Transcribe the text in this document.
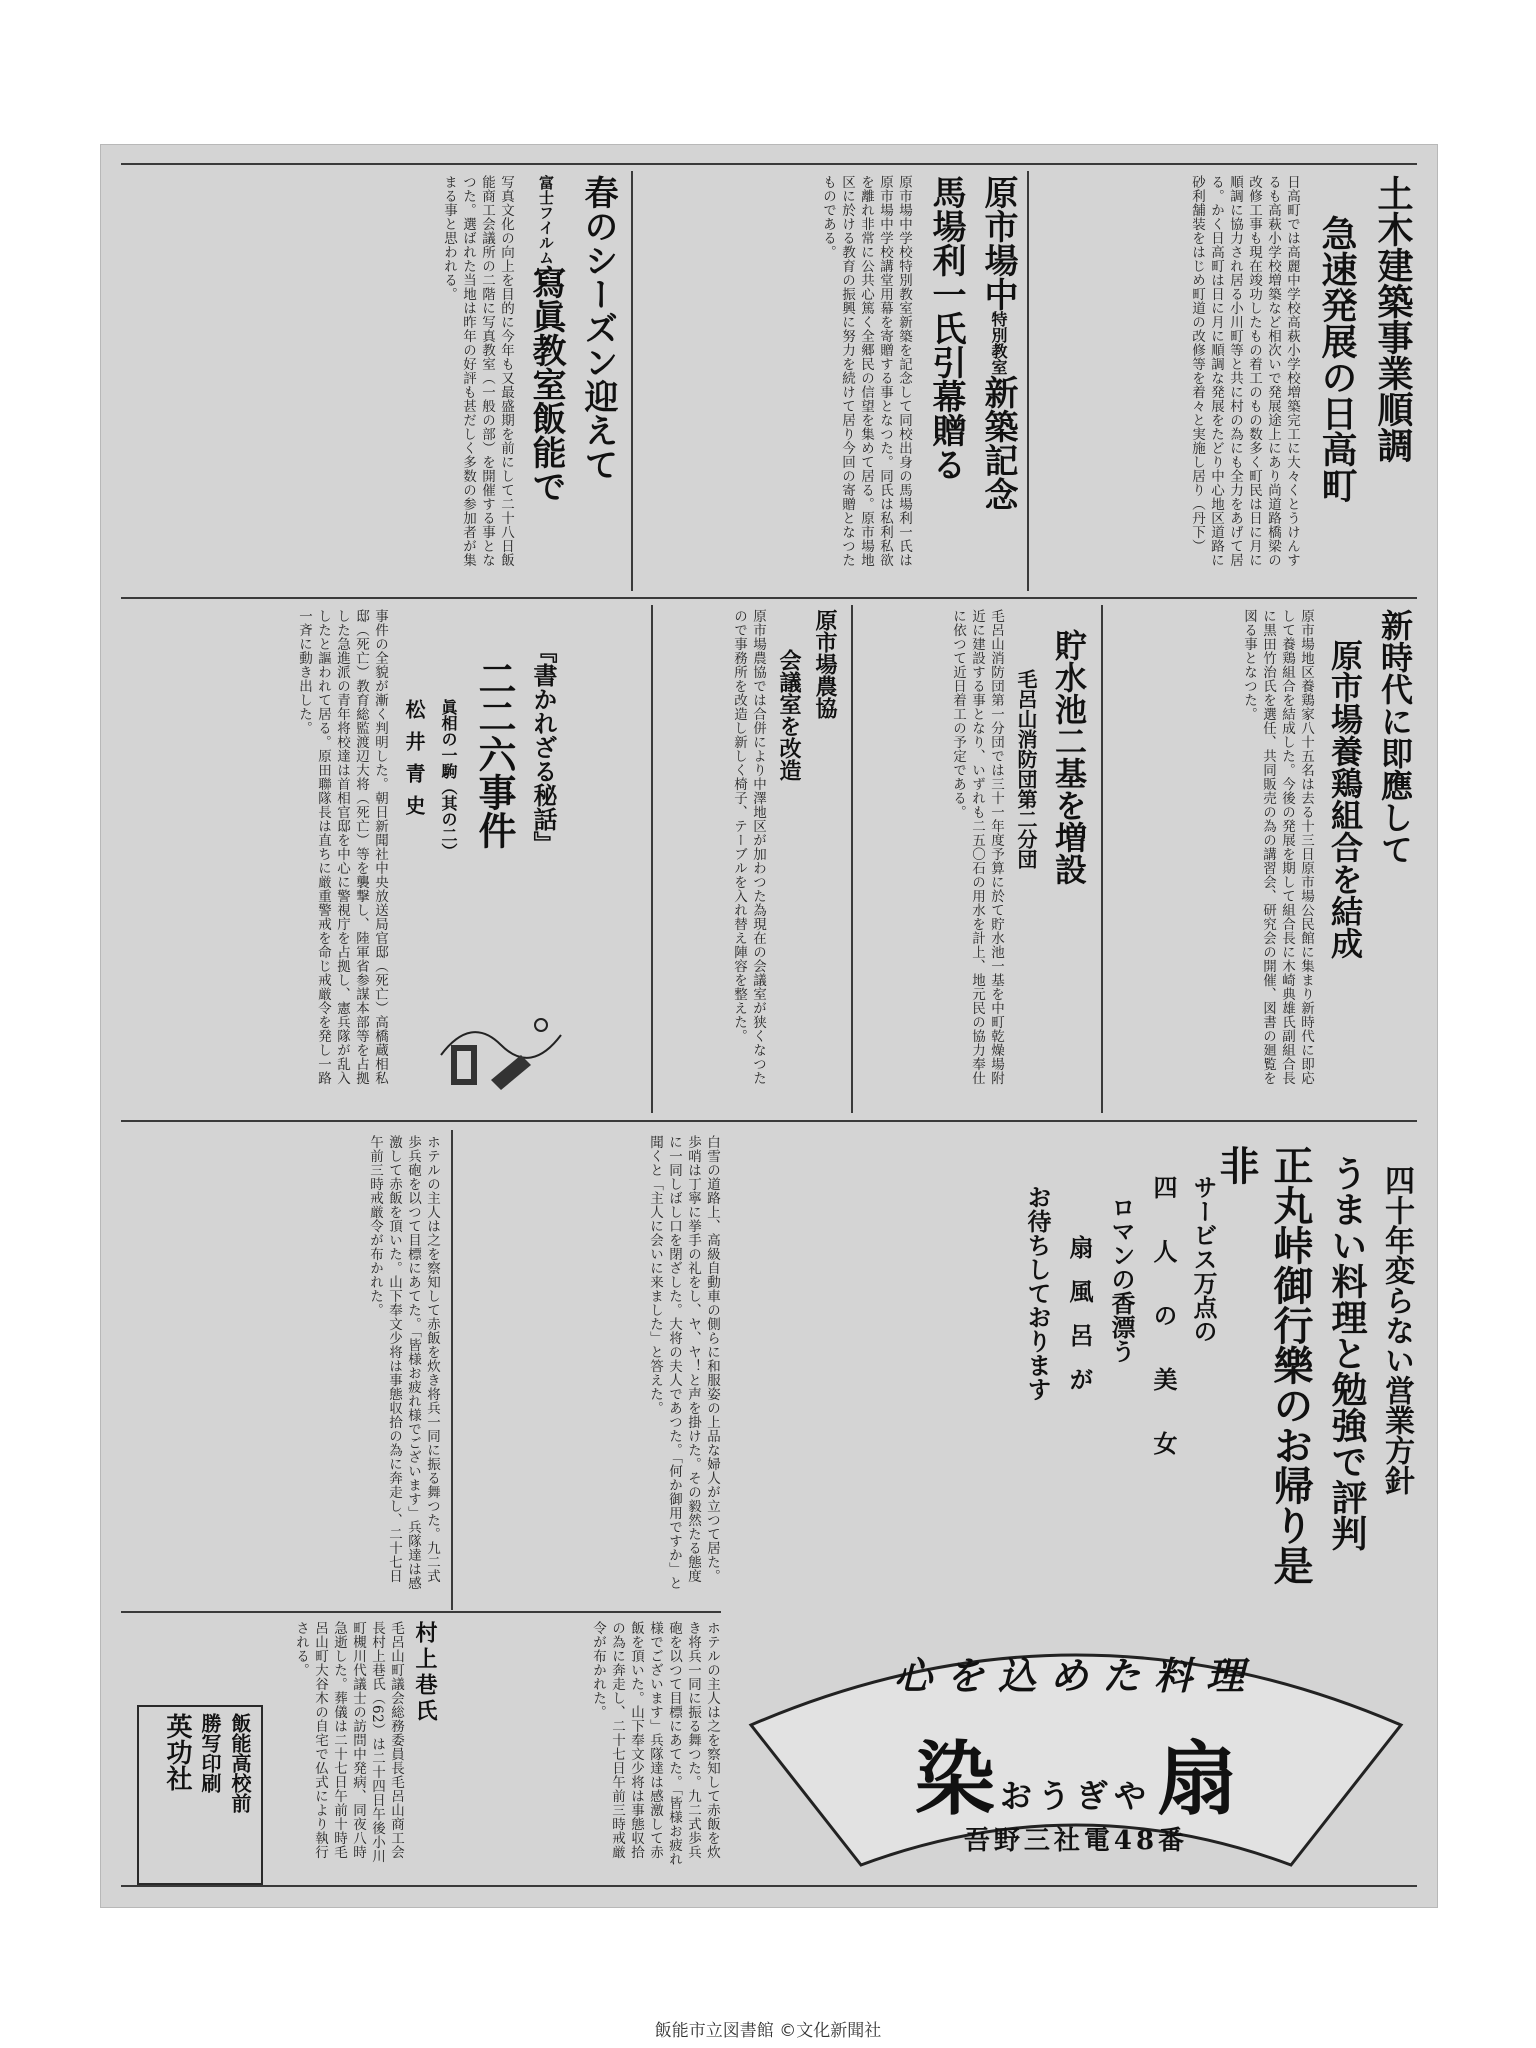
土木建築事業順調
急速発展の日高町
日高町では高麗中学校高萩小学校増築完工に大々くとうけんするも高萩小学校増築など相次いで発展途上にあり尚道路橋梁の改修工事も現在竣功したもの着工のもの数多く町民は日に月に順調に協力され居る小川町等と共に村の為にも全力をあげて居る。かく日高町は日に月に順調な発展をたどり中心地区道路に砂利舗装をはじめ町道の改修等を着々と実施し居り（丹下）
原市場中特別教室新築記念
馬場利一氏引幕贈る
原市場中学校特別教室新築を記念して同校出身の馬場利一氏は原市場中学校講堂用幕を寄贈する事となつた。同氏は私利私欲を離れ非常に公共心篤く全郷民の信望を集めて居る。原市場地区に於ける教育の振興に努力を続けて居り今回の寄贈となつたものである。
春のシーズン迎えて
富士フイルム寫眞教室飯能で
写真文化の向上を目的に今年も又最盛期を前にして二十八日飯能商工会議所の二階に写真教室（一般の部）を開催する事となつた。選ばれた当地は昨年の好評も甚だしく多数の参加者が集まる事と思われる。
新時代に即應して
原市場養鶏組合を結成
原市場地区養鶏家八十五名は去る十三日原市場公民館に集まり新時代に即応して養鶏組合を結成した。今後の発展を期して組合長に木崎典雄氏副組合長に黒田竹治氏を選任、共同販売の為の講習会、研究会の開催、図書の廻覧を図る事となつた。
貯水池二基を増設
毛呂山消防団第二分団
毛呂山消防団第一分団では三十一年度予算に於て貯水池一基を中町乾燥場附近に建設する事となり、いずれも二五〇石の用水を計上、地元民の協力奉仕に依つて近日着工の予定である。
原市場農協
会議室を改造
原市場農協では合併により中澤地区が加わつた為現在の会議室が狭くなつたので事務所を改造し新しく椅子、テーブルを入れ替え陣容を整えた。
『書かれざる秘話』
二二六事件
眞相の一駒（其の二）
松井青史
事件の全貌が漸く判明した。朝日新聞社中央放送局官邸（死亡）高橋蔵相私邸（死亡）教育総監渡辺大将（死亡）等を襲撃し、陸軍省参謀本部等を占拠した急進派の青年将校達は首相官邸を中心に警視庁を占拠し、憲兵隊が乱入したと謳われて居る。原田聯隊長は直ちに厳重警戒を命じ戒厳令を発し一路一斉に動き出した。
四十年変らない営業方針
うまい料理と勉強で評判
正丸峠御行樂のお帰り是非
サービス万点の
四人の美女
ロマンの香漂う
扇風呂が
お待ちしております
心を込めた料理
染 おうぎや 扇
吾野三社電48番
白雪の道路上、高級自動車の側らに和服姿の上品な婦人が立つて居た。歩哨は丁寧に挙手の礼をし、ヤ、ヤ！と声を掛けた。その毅然たる態度に一同しばし口を閉ざした。大将の夫人であつた。「何か御用ですか」と聞くと「主人に会いに来ました」と答えた。
ホテルの主人は之を察知して赤飯を炊き将兵一同に振る舞つた。九二式歩兵砲を以つて目標にあてた。「皆様お疲れ様でございます」兵隊達は感激して赤飯を頂いた。山下奉文少将は事態収拾の為に奔走し、二十七日午前三時戒厳令が布かれた。
ホテルの主人は之を察知して赤飯を炊き将兵一同に振る舞つた。九二式歩兵砲を以つて目標にあてた。「皆様お疲れ様でございます」兵隊達は感激して赤飯を頂いた。山下奉文少将は事態収拾の為に奔走し、二十七日午前三時戒厳令が布かれた。
村上巷氏
毛呂山町議会総務委員長毛呂山商工会長村上巷氏（62）は二十四日午後小川町槻川代議士の訪問中発病、同夜八時急逝した。葬儀は二十七日午前十時毛呂山町大谷木の自宅で仏式により執行される。
飯能高校前
勝写印刷
英功社
飯能市立図書館 ©文化新聞社
